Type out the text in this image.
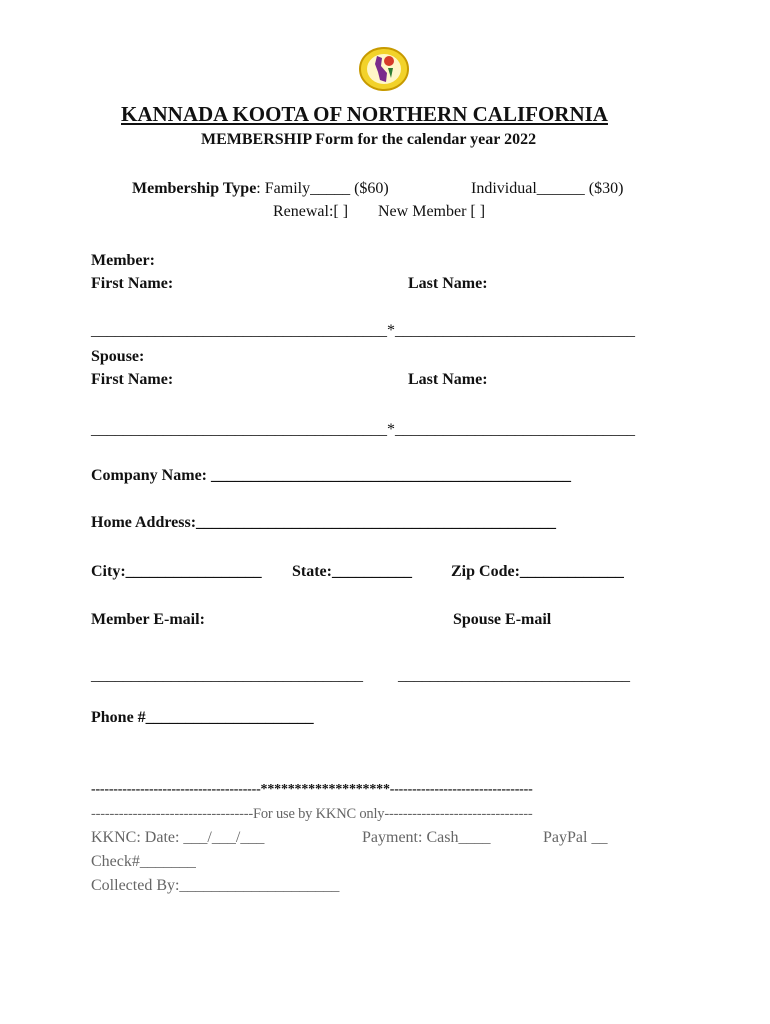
KANNADA KOOTA OF NORTHERN CALIFORNIA
MEMBERSHIP Form for the calendar year 2022
Membership Type: Family_____ ($60)	Individual______ ($30)
Renewal:[ ] New Member [ ]
Member:
First Name:	Last Name:
_____________________________________*______________________________
Spouse:
First Name:	Last Name:
_____________________________________*______________________________
Company Name: _____________________________________________
Home Address:_____________________________________________
City:_________________ State:__________ Zip Code:_____________
Member E-mail:	Spouse E-mail
__________________________________ _____________________________
Phone #_____________________
--------------------------------------*******************--------------------------------
-----------------------------------For use by KKNC only--------------------------------
KKNC: Date: ___/___/___	Payment: Cash____	PayPal __
Check#_______
Collected By:____________________
